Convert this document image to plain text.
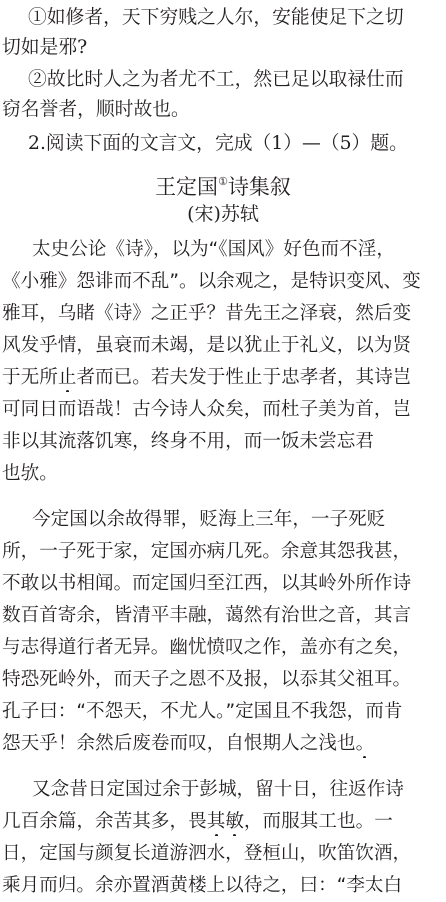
①如修者，天下穷贱之人尔，安能使足下之切
切如是邪?
②故比时人之为者尤不工，然已足以取禄仕而
窃名誉者，顺时故也。
2.阅读下面的文言文，完成（1）—（5）题。
(宋)苏轼
太史公论《诗》，以为“《国风》好色而不淫，
《小雅》怨诽而不乱”。以余观之，是特识变风、变
雅耳，乌睹《诗》之正乎？昔先王之泽衰，然后变
风发乎情，虽衰而未竭，是以犹止于礼义，以为贤
于无所止者而已。若夫发于性止于忠孝者，其诗岂
可同日而语哉！古今诗人众矣，而杜子美为首，岂
非以其流落饥寒，终身不用，而一饭未尝忘君
也欤。
今定国以余故得罪，贬海上三年，一子死贬
所，一子死于家，定国亦病几死。余意其怨我甚，
不敢以书相闻。而定国归至江西，以其岭外所作诗
数百首寄余，皆清平丰融，蔼然有治世之音，其言
与志得道行者无异。幽忧愤叹之作，盖亦有之矣，
特恐死岭外，而天子之恩不及报，以忝其父祖耳。
孔子曰：“不怨天，不尤人。”定国且不我怨，而肯
怨天乎！余然后废卷而叹，自恨期人之浅也。
又念昔日定国过余于彭城，留十日，往返作诗
几百余篇，余苦其多，畏其敏，而服其工也。一
日，定国与颜复长道游泗水，登桓山，吹笛饮酒，
乘月而归。余亦置酒黄楼上以待之，曰：“李太白
王定国①诗集叙
